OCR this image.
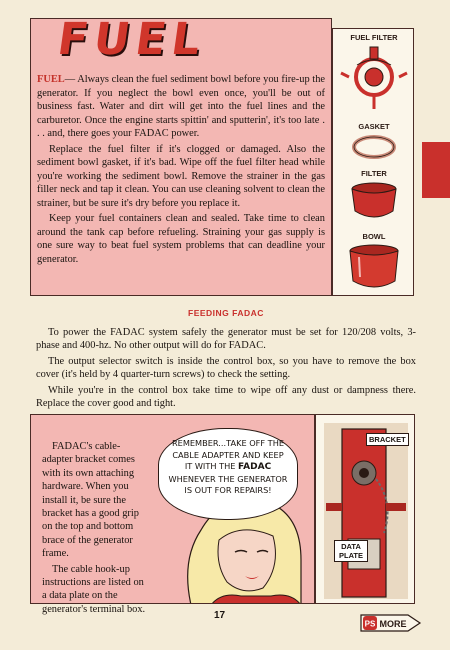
FUEL

FUEL— Always clean the fuel sediment bowl before you fire-up the generator. If you neglect the bowl even once, you'll be out of business fast. Water and dirt will get into the fuel lines and the carburetor. Once the engine starts spittin' and sputterin', it's too late . . . and, there goes your FADAC power.

Replace the fuel filter if it's clogged or damaged. Also the sediment bowl gasket, if it's bad. Wipe off the fuel filter head while you're working the sediment bowl. Remove the strainer in the gas filler neck and tap it clean. You can use cleaning solvent to clean the strainer, but be sure it's dry before you replace it.

Keep your fuel containers clean and sealed. Take time to clean around the tank cap before refueling. Straining your gas supply is one sure way to beat fuel system problems that can deadline your generator.

FUEL FILTER
GASKET
FILTER
BOWL
FEEDING FADAC

To power the FADAC system safely the generator must be set for 120/208 volts, 3-phase and 400-hz. No other output will do for FADAC.

The output selector switch is inside the control box, so you have to remove the box cover (it's held by 4 quarter-turn screws) to check the setting.

While you're in the control box take time to wipe off any dust or dampness there. Replace the cover good and tight.

FADAC's cable-adapter bracket comes with its own attaching hardware. When you install it, be sure the bracket has a good grip on the top and bottom brace of the generator frame.

The cable hook-up instructions are listed on a data plate on the generator's terminal box.

REMEMBER...TAKE OFF THE CABLE ADAPTER AND KEEP IT WITH THE FADAC WHENEVER THE GENERATOR IS OUT FOR REPAIRS!
BRACKET
DATA PLATE
17
PS MORE
